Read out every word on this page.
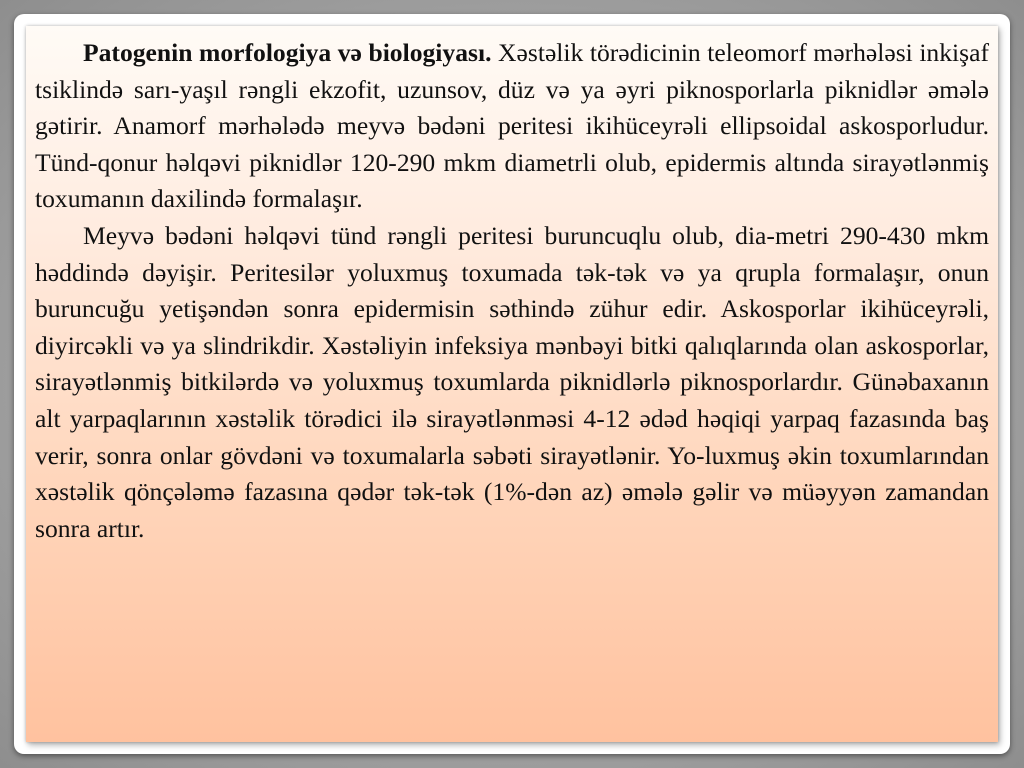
Patogenin morfologiya və biologiyası. Xəstəlik törədicinin teleomorf mərhələsi inkişaf tsiklində sarı-yaşıl rəngli ekzofit, uzunsov, düz və ya əyri piknosporlarla piknidlər əmələ gətirir. Anamorf mərhələdə meyvə bədəni peritesi ikihüceyrəli ellipsoidal askosporludur. Tünd-qonur həlqəvi piknidlər 120-290 mkm diametrli olub, epidermis altında sirayətlənmiş toxumanın daxilində formalaşır.

Meyvə bədəni həlqəvi tünd rəngli peritesi buruncuqlu olub, dia-metri 290-430 mkm həddində dəyişir. Peritesilər yoluxmuş toxumada tək-tək və ya qrupla formalaşır, onun buruncuğu yetişəndən sonra epidermisin səthində zühur edir. Askosporlar ikihüceyrəli, diyircəkli və ya slindrikdir. Xəstəliyin infeksiya mənbəyi bitki qalıqlarında olan askosporlar, sirayətlənmiş bitkilərdə və yoluxmuş toxumlarda piknidlərlə piknosporlardır. Günəbaxanın alt yarpaqlarının xəstəlik törədici ilə sirayətlənməsi 4-12 ədəd həqiqi yarpaq fazasında baş verir, sonra onlar gövdəni və toxumalarla səbəti sirayətlənir. Yo-luxmuş əkin toxumlarından xəstəlik qönçələmə fazasına qədər tək-tək (1%-dən az) əmələ gəlir və müəyyən zamandan sonra artır.
